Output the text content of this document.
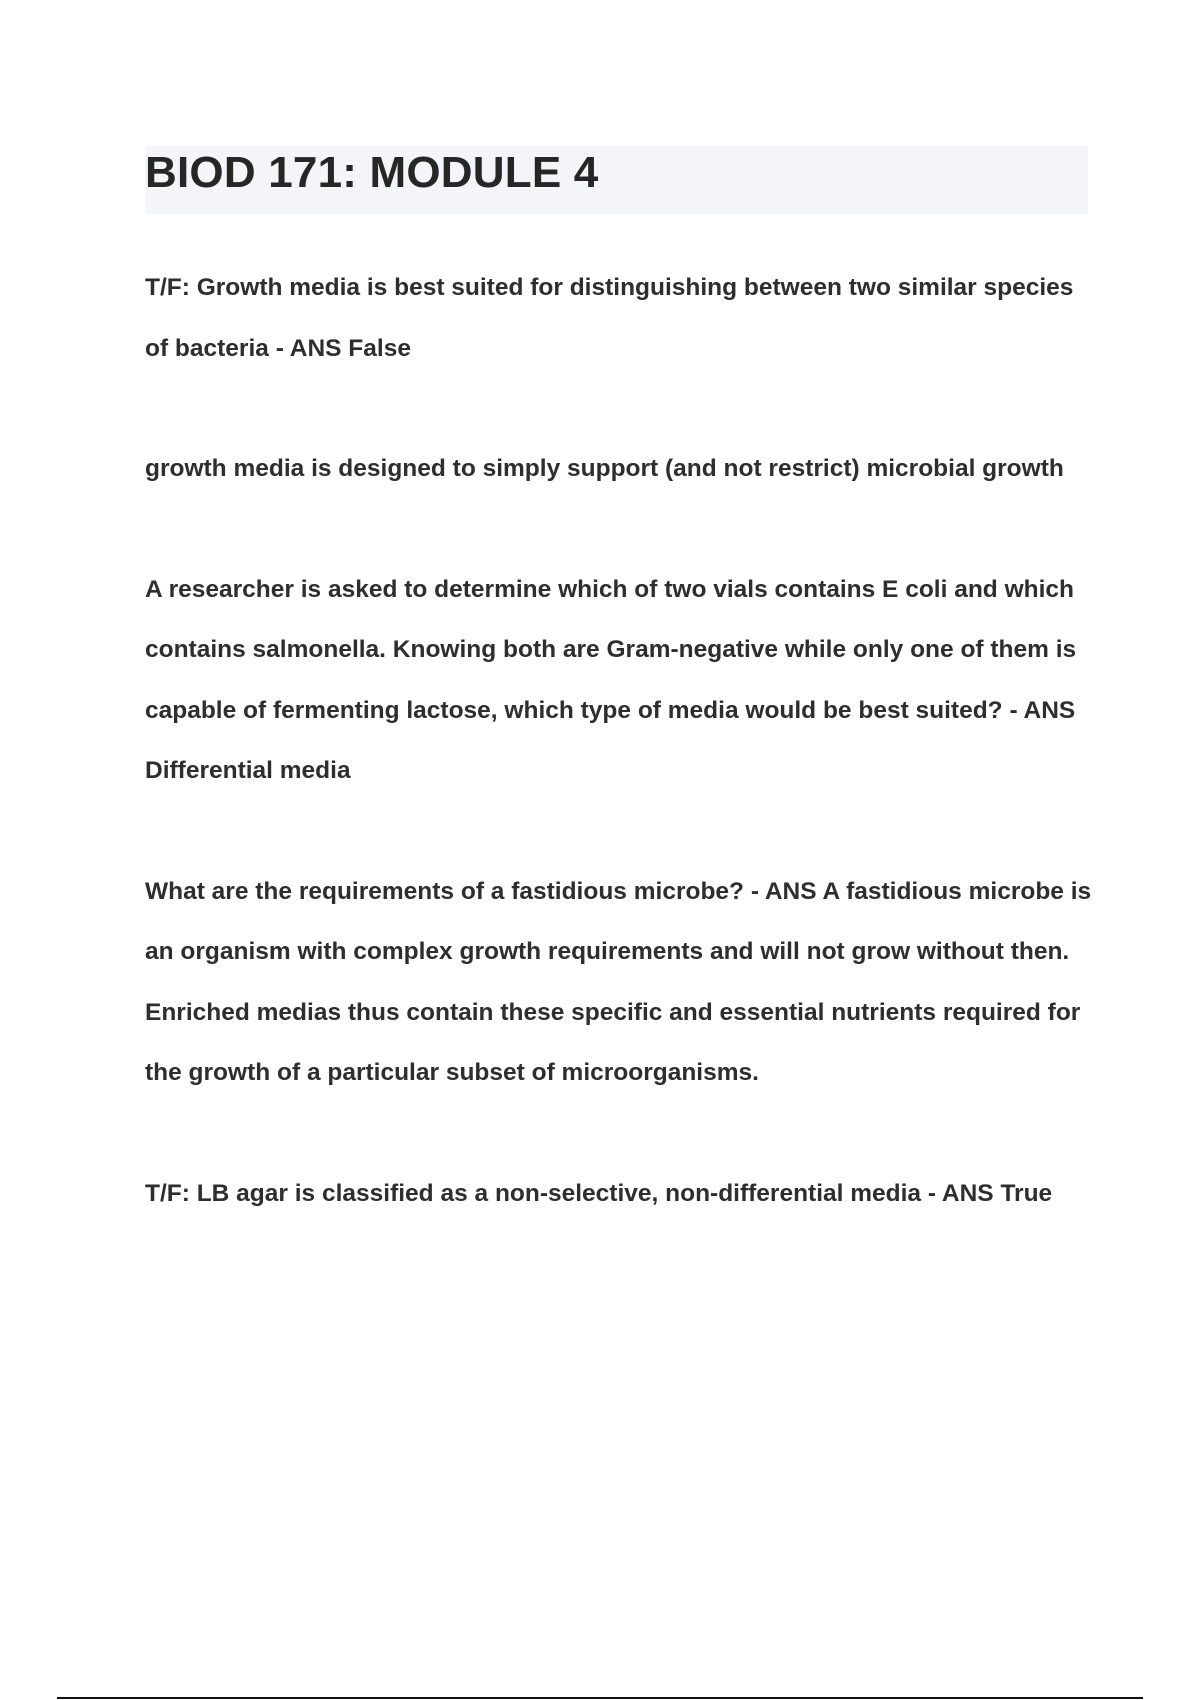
BIOD 171: MODULE 4

T/F: Growth media is best suited for distinguishing between two similar species of bacteria - ANS False

growth media is designed to simply support (and not restrict) microbial growth

A researcher is asked to determine which of two vials contains E coli and which contains salmonella. Knowing both are Gram-negative while only one of them is capable of fermenting lactose, which type of media would be best suited? - ANS Differential media

What are the requirements of a fastidious microbe? - ANS A fastidious microbe is an organism with complex growth requirements and will not grow without then. Enriched medias thus contain these specific and essential nutrients required for the growth of a particular subset of microorganisms.

T/F: LB agar is classified as a non-selective, non-differential media - ANS True
